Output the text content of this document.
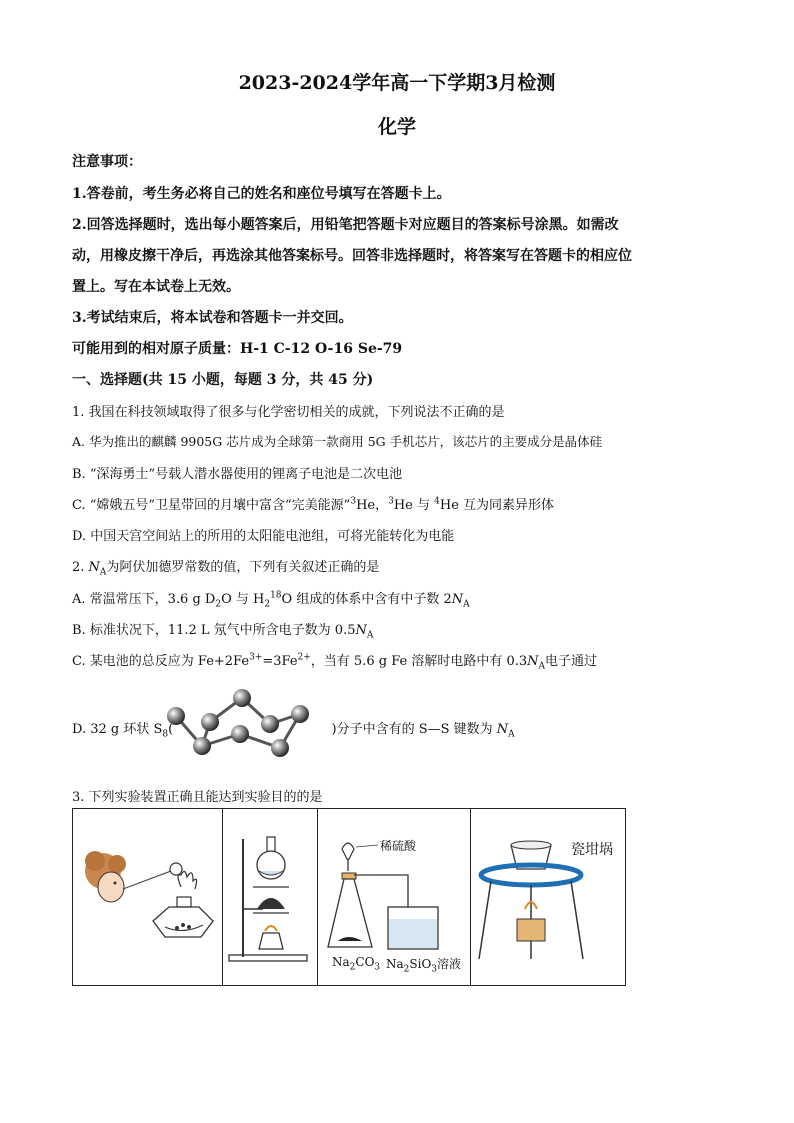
2023-2024学年高一下学期3月检测
化学
注意事项：
1.答卷前，考生务必将自己的姓名和座位号填写在答题卡上。
2.回答选择题时，选出每小题答案后，用铅笔把答题卡对应题目的答案标号涂黑。如需改
动，用橡皮擦干净后，再选涂其他答案标号。回答非选择题时，将答案写在答题卡的相应位
置上。写在本试卷上无效。
3.考试结束后，将本试卷和答题卡一并交回。
可能用到的相对原子质量：H-1 C-12 O-16 Se-79
一、选择题(共 15 小题，每题 3 分，共 45 分)
1. 我国在科技领域取得了很多与化学密切相关的成就，下列说法不正确的是
A. 华为推出的麒麟 9905G 芯片成为全球第一款商用 5G 手机芯片，该芯片的主要成分是晶体硅
B. “深海勇士”号载人潜水器使用的锂离子电池是二次电池
C. “嫦娥五号”卫星带回的月壤中富含“完美能源”$^3$He，$^3$He 与 $^4$He 互为同素异形体
D. 中国天宫空间站上的所用的太阳能电池组，可将光能转化为电能
2. $N_A$为阿伏加德罗常数的值，下列有关叙述正确的是
A. 常温常压下，3.6 g $D_2O$ 与 $H_2^{18}O$ 组成的体系中含有中子数 $2N_A$
B. 标准状况下，11.2 L 氖气中所含电子数为 $0.5N_A$
C. 某电池的总反应为 $Fe+2Fe^{3+}=3Fe^{2+}$，当有 5.6 g Fe 溶解时电路中有 $0.3N_A$电子通过
D. 32 g 环状 $S_8$(	)分子中含有的 S—S 键数为 $N_A$
3. 下列实验装置正确且能达到实验目的的是
稀硫酸
$Na_2CO_3$ $Na_2SiO_3$溶液
瓷坩埚
